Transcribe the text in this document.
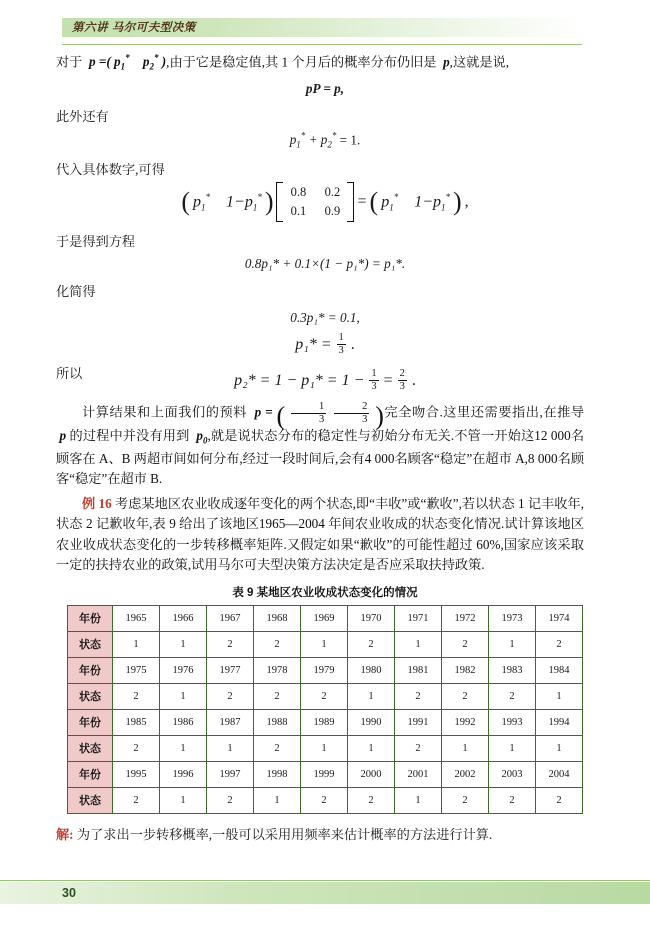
第六讲 马尔可夫型决策

对于  p =( $p_1^*$    $p_2^*$ ),由于它是稳定值,其 1 个月后的概率分布仍旧是  p,这就是说,

pP = p,

此外还有

$p_1^* + p_2^* = 1$.

代入具体数字,可得

( $p_1^*$    $1-p_1^*$ ) 0.8 0.2
0.1 0.9
= ( $p_1^*$    $1-p_1^*$ ) ,

于是得到方程

0.8p₁* + 0.1×(1 − p₁*) = p₁*.

化简得

0.3p₁* = 0.1,

$p_1* = \frac{1}{3}$ .

所以	$p_2* = 1 - p_1* = 1 - \frac{1}{3} = \frac{2}{3}$ .

计算结果和上面我们的预料  p = ( $\frac{1}{3}$
$\frac{2}{3}$ )完全吻合.这里还需要指出,在推导  p 的过程中并没有用到  $p_0$,就是说状态分布的稳定性与初始分布无关.不管一开始这12 000名顾客在 A、B 两超市间如何分布,经过一段时间后,会有4 000名顾客“稳定”在超市 A,8 000名顾客“稳定”在超市 B.

例 16 考虑某地区农业收成逐年变化的两个状态,即“丰收”或“歉收”,若以状态 1 记丰收年,状态 2 记歉收年,表 9 给出了该地区1965—2004 年间农业收成的状态变化情况.试计算该地区农业收成状态变化的一步转移概率矩阵.又假定如果“歉收”的可能性超过 60%,国家应该采取一定的扶持农业的政策,试用马尔可夫型决策方法决定是否应采取扶持政策.

表 9 某地区农业收成状态变化的情况
年份	1965	1966	1967	1968	1969	1970	1971	1972	1973	1974
状态	1	1	2	2	1	2	1	2	1	2
年份	1975	1976	1977	1978	1979	1980	1981	1982	1983	1984
状态	2	1	2	2	2	1	2	2	2	1
年份	1985	1986	1987	1988	1989	1990	1991	1992	1993	1994
状态	2	1	1	2	1	1	2	1	1	1
年份	1995	1996	1997	1998	1999	2000	2001	2002	2003	2004
状态	2	1	2	1	2	2	1	2	2	2

解: 为了求出一步转移概率,一般可以采用用频率来估计概率的方法进行计算.

30
